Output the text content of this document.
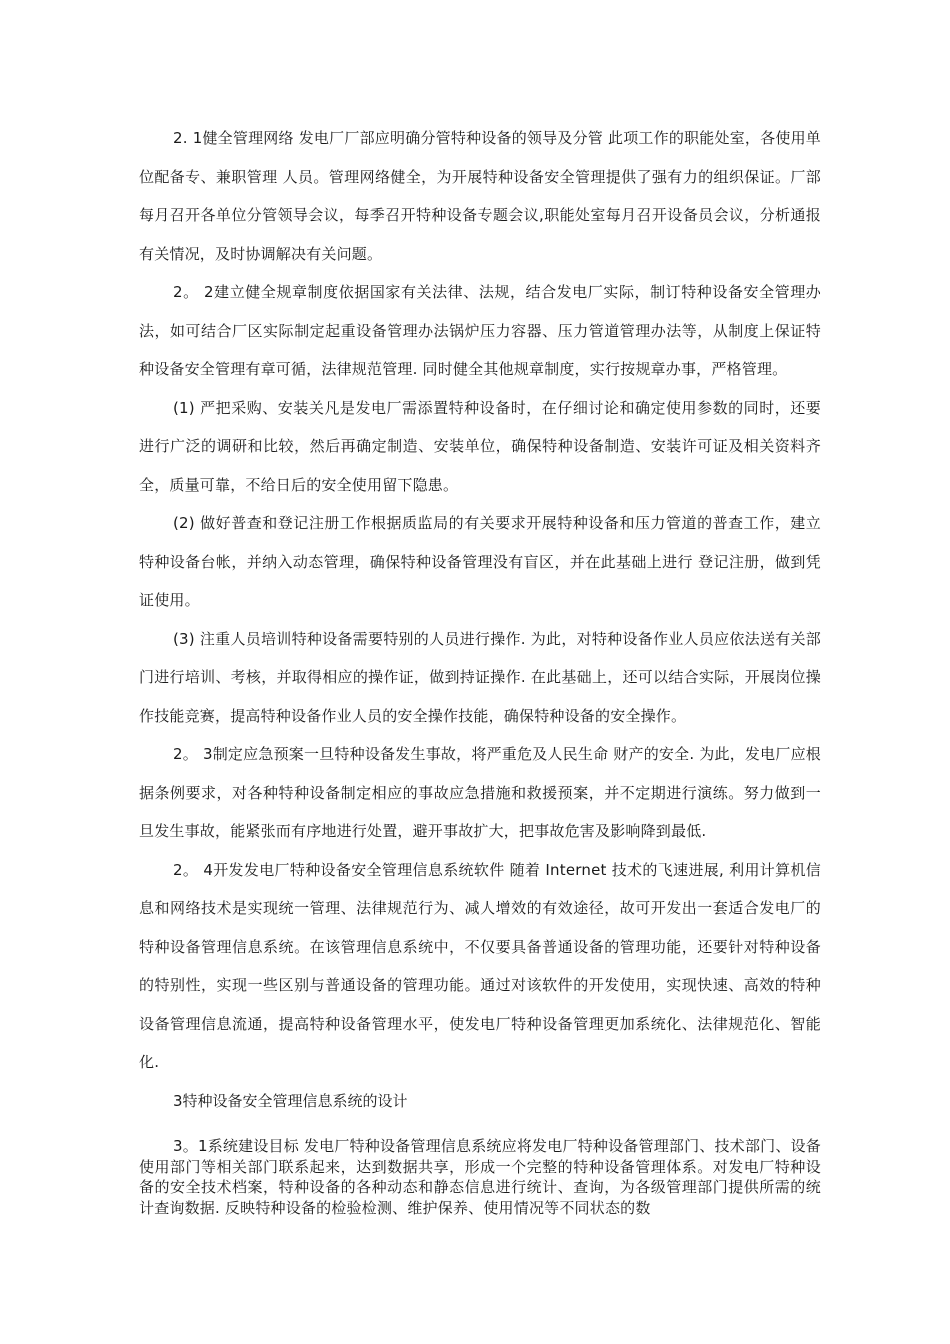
2. 1健全管理网络 发电厂厂部应明确分管特种设备的领导及分管 此项工作的职能处室，各使用单位配备专、兼职管理 人员。管理网络健全，为开展特种设备安全管理提供了强有力的组织保证。厂部每月召开各单位分管领导会议，每季召开特种设备专题会议,职能处室每月召开设备员会议，分析通报有关情况，及时协调解决有关问题。

2。 2建立健全规章制度依据国家有关法律、法规，结合发电厂实际，制订特种设备安全管理办法，如可结合厂区实际制定起重设备管理办法锅炉压力容器、压力管道管理办法等，从制度上保证特种设备安全管理有章可循，法律规范管理. 同时健全其他规章制度，实行按规章办事，严格管理。

(1) 严把采购、安装关凡是发电厂需添置特种设备时，在仔细讨论和确定使用参数的同时，还要进行广泛的调研和比较，然后再确定制造、安装单位，确保特种设备制造、安装许可证及相关资料齐全，质量可靠，不给日后的安全使用留下隐患。

(2) 做好普查和登记注册工作根据质监局的有关要求开展特种设备和压力管道的普查工作，建立特种设备台帐，并纳入动态管理，确保特种设备管理没有盲区，并在此基础上进行 登记注册，做到凭证使用。

(3) 注重人员培训特种设备需要特别的人员进行操作. 为此，对特种设备作业人员应依法送有关部门进行培训、考核，并取得相应的操作证，做到持证操作. 在此基础上，还可以结合实际，开展岗位操作技能竞赛，提高特种设备作业人员的安全操作技能，确保特种设备的安全操作。

2。 3制定应急预案一旦特种设备发生事故，将严重危及人民生命 财产的安全. 为此，发电厂应根据条例要求，对各种特种设备制定相应的事故应急措施和救援预案，并不定期进行演练。努力做到一旦发生事故，能紧张而有序地进行处置，避开事故扩大，把事故危害及影响降到最低.

2。 4开发发电厂特种设备安全管理信息系统软件 随着 Internet 技术的飞速进展, 利用计算机信息和网络技术是实现统一管理、法律规范行为、减人增效的有效途径，故可开发出一套适合发电厂的特种设备管理信息系统。在该管理信息系统中，不仅要具备普通设备的管理功能，还要针对特种设备的特别性，实现一些区别与普通设备的管理功能。通过对该软件的开发使用，实现快速、高效的特种设备管理信息流通，提高特种设备管理水平，使发电厂特种设备管理更加系统化、法律规范化、智能化.

3特种设备安全管理信息系统的设计

3。1系统建设目标 发电厂特种设备管理信息系统应将发电厂特种设备管理部门、技术部门、设备使用部门等相关部门联系起来，达到数据共享，形成一个完整的特种设备管理体系。对发电厂特种设备的安全技术档案，特种设备的各种动态和静态信息进行统计、查询，为各级管理部门提供所需的统计查询数据. 反映特种设备的检验检测、维护保养、使用情况等不同状态的数
